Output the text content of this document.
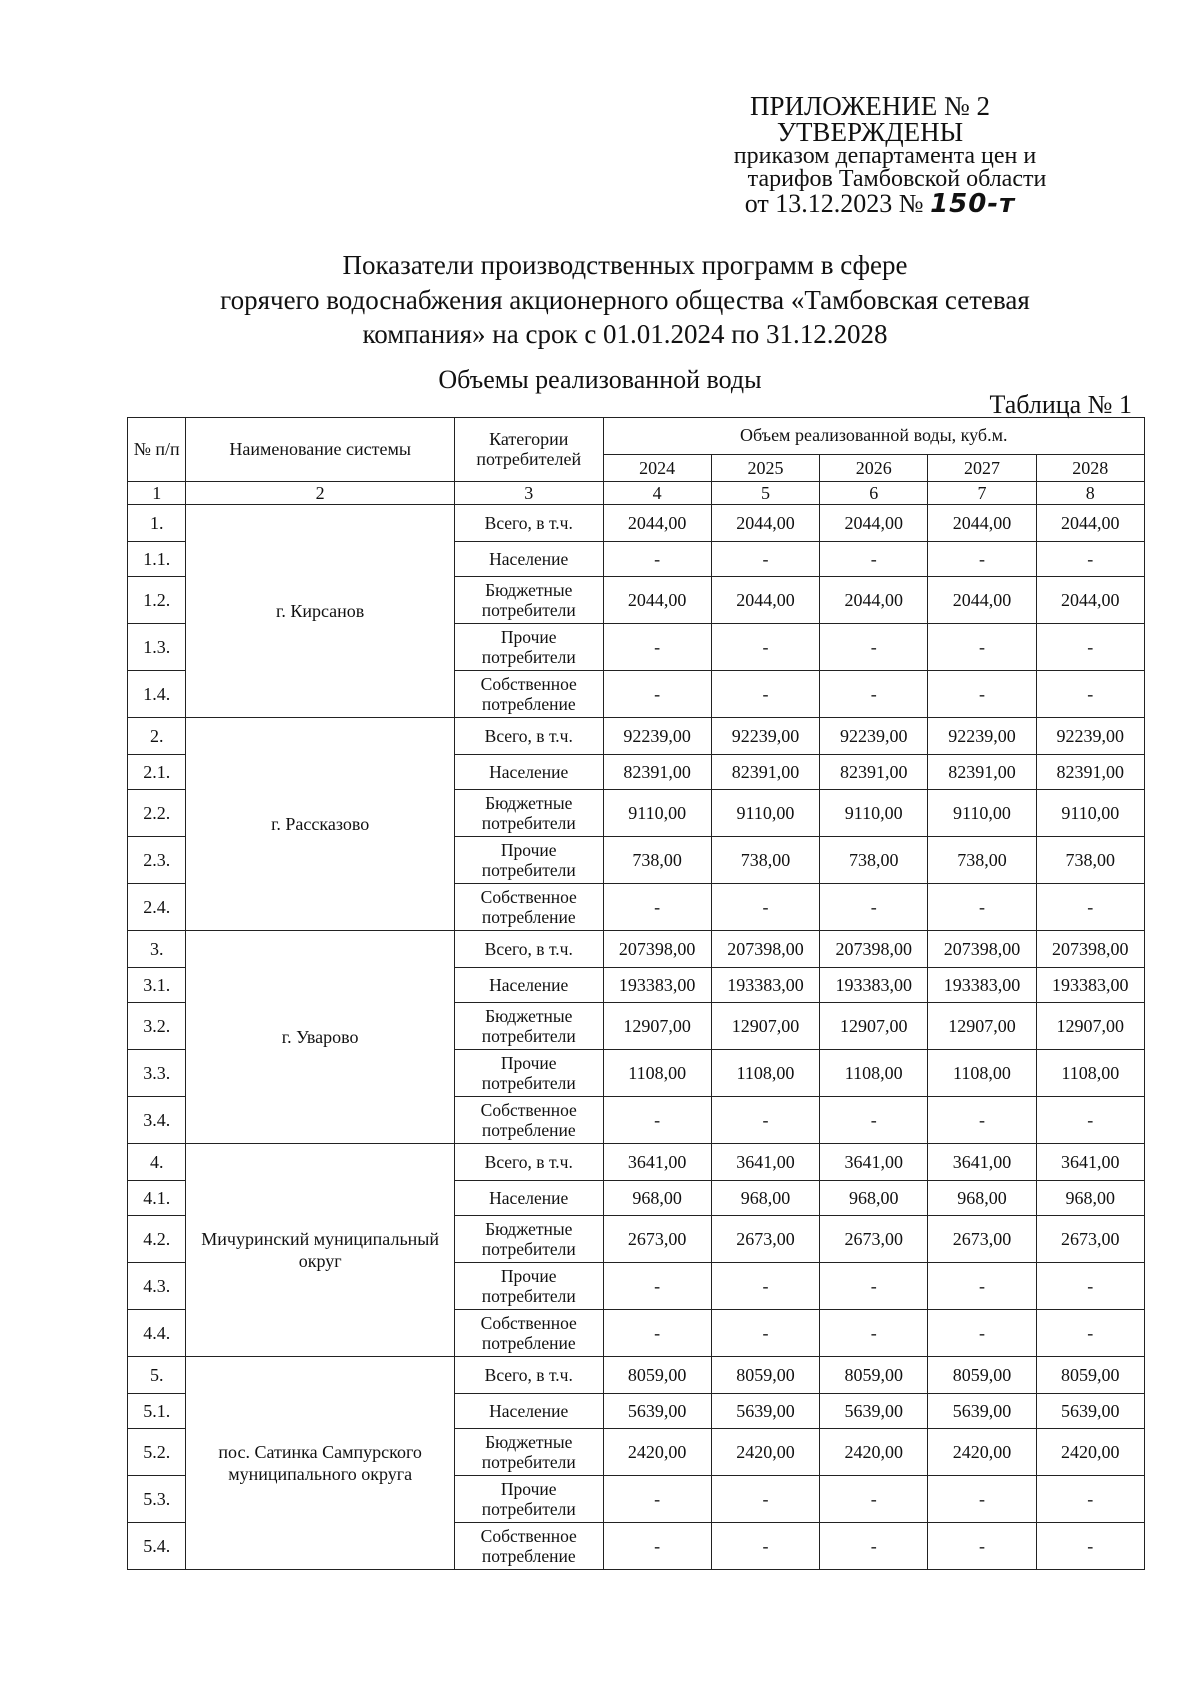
ПРИЛОЖЕНИЕ № 2
УТВЕРЖДЕНЫ
приказом департамента цен и
тарифов Тамбовской области
от 13.12.2023 № 150-т
Показатели производственных программ в сфере
горячего водоснабжения акционерного общества «Тамбовская сетевая
компания» на срок с 01.01.2024 по 31.12.2028
Объемы реализованной воды
Таблица № 1
№ п/п	Наименование системы	Категории потребителей	Объем реализованной воды, куб.м.				
			2024	2025	2026	2027	2028
1	2	3	4	5	6	7	8
1.	г. Кирсанов	Всего, в т.ч.	2044,00	2044,00	2044,00	2044,00	2044,00
1.1.		Население	-	-	-	-	-
1.2.		Бюджетные потребители	2044,00	2044,00	2044,00	2044,00	2044,00
1.3.		Прочие потребители	-	-	-	-	-
1.4.		Собственное потребление	-	-	-	-	-
2.	г. Рассказово	Всего, в т.ч.	92239,00	92239,00	92239,00	92239,00	92239,00
2.1.		Население	82391,00	82391,00	82391,00	82391,00	82391,00
2.2.		Бюджетные потребители	9110,00	9110,00	9110,00	9110,00	9110,00
2.3.		Прочие потребители	738,00	738,00	738,00	738,00	738,00
2.4.		Собственное потребление	-	-	-	-	-
3.	г. Уварово	Всего, в т.ч.	207398,00	207398,00	207398,00	207398,00	207398,00
3.1.		Население	193383,00	193383,00	193383,00	193383,00	193383,00
3.2.		Бюджетные потребители	12907,00	12907,00	12907,00	12907,00	12907,00
3.3.		Прочие потребители	1108,00	1108,00	1108,00	1108,00	1108,00
3.4.		Собственное потребление	-	-	-	-	-
4.	Мичуринский муниципальный округ	Всего, в т.ч.	3641,00	3641,00	3641,00	3641,00	3641,00
4.1.		Население	968,00	968,00	968,00	968,00	968,00
4.2.		Бюджетные потребители	2673,00	2673,00	2673,00	2673,00	2673,00
4.3.		Прочие потребители	-	-	-	-	-
4.4.		Собственное потребление	-	-	-	-	-
5.	пос. Сатинка Сампурского муниципального округа	Всего, в т.ч.	8059,00	8059,00	8059,00	8059,00	8059,00
5.1.		Население	5639,00	5639,00	5639,00	5639,00	5639,00
5.2.		Бюджетные потребители	2420,00	2420,00	2420,00	2420,00	2420,00
5.3.		Прочие потребители	-	-	-	-	-
5.4.		Собственное потребление	-	-	-	-	-
